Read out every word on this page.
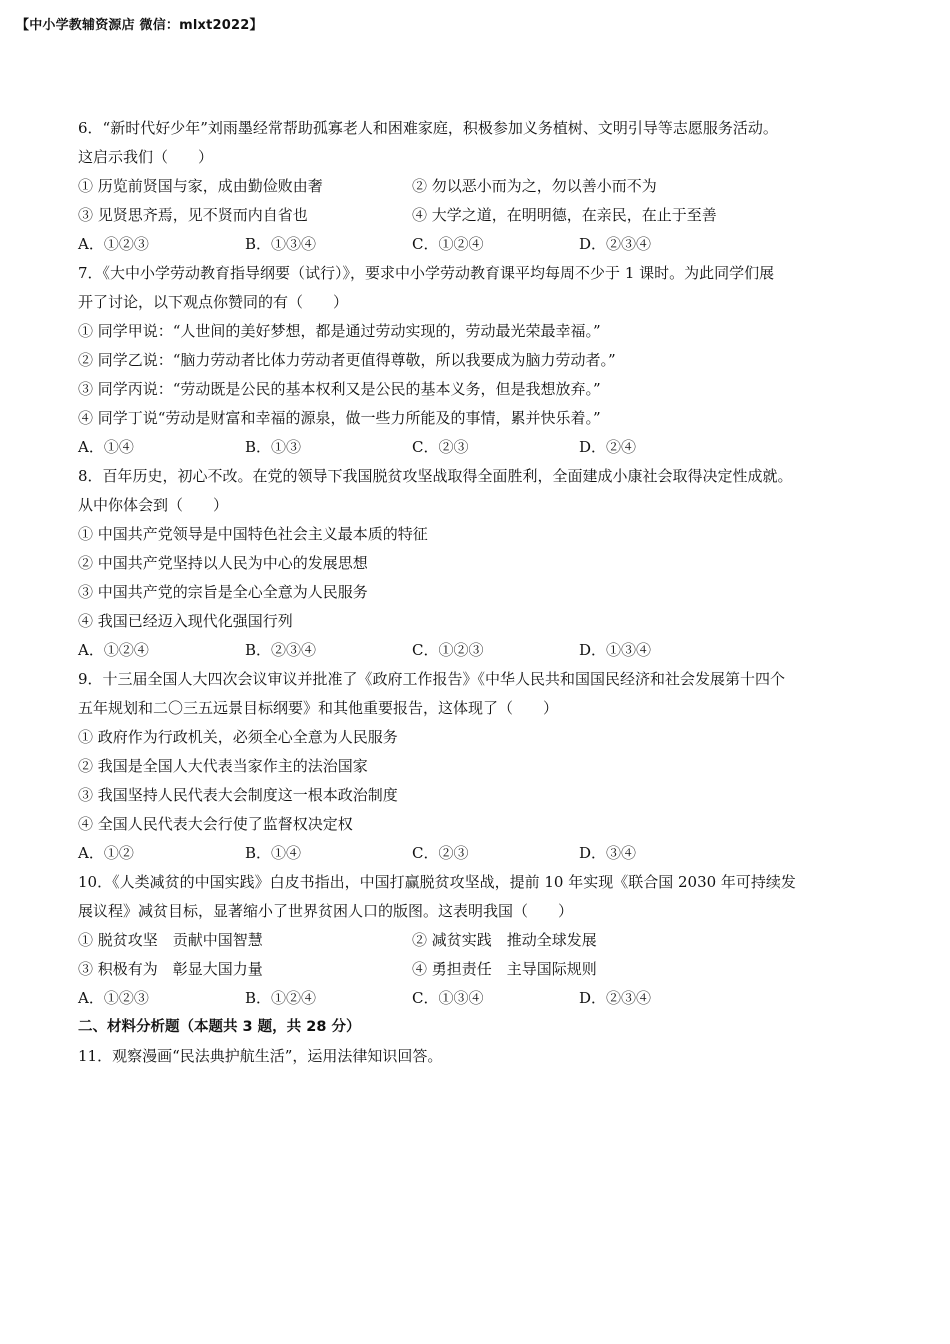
【中小学教辅资源店 微信：mlxt2022】
6．“新时代好少年”刘雨墨经常帮助孤寡老人和困难家庭，积极参加义务植树、文明引导等志愿服务活动。
这启示我们（　　）
① 历览前贤国与家，成由勤俭败由奢	② 勿以恶小而为之，勿以善小而不为
③ 见贤思齐焉，见不贤而内自省也	④ 大学之道，在明明德，在亲民，在止于至善
A．①②③	B．①③④	C．①②④	D．②③④
7．《大中小学劳动教育指导纲要（试行）》，要求中小学劳动教育课平均每周不少于 1 课时。为此同学们展
开了讨论，以下观点你赞同的有（　　）
① 同学甲说：“人世间的美好梦想，都是通过劳动实现的，劳动最光荣最幸福。”
② 同学乙说：“脑力劳动者比体力劳动者更值得尊敬，所以我要成为脑力劳动者。”
③ 同学丙说：“劳动既是公民的基本权利又是公民的基本义务，但是我想放弃。”
④ 同学丁说“劳动是财富和幸福的源泉，做一些力所能及的事情，累并快乐着。”
A．①④	B．①③	C．②③	D．②④
8．百年历史，初心不改。在党的领导下我国脱贫攻坚战取得全面胜利，全面建成小康社会取得决定性成就。
从中你体会到（　　）
① 中国共产党领导是中国特色社会主义最本质的特征
② 中国共产党坚持以人民为中心的发展思想
③ 中国共产党的宗旨是全心全意为人民服务
④ 我国已经迈入现代化强国行列
A．①②④	B．②③④	C．①②③	D．①③④
9．十三届全国人大四次会议审议并批准了《政府工作报告》《中华人民共和国国民经济和社会发展第十四个
五年规划和二〇三五远景目标纲要》和其他重要报告，这体现了（　　）
① 政府作为行政机关，必须全心全意为人民服务
② 我国是全国人大代表当家作主的法治国家
③ 我国坚持人民代表大会制度这一根本政治制度
④ 全国人民代表大会行使了监督权决定权
A．①②	B．①④	C．②③	D．③④
10．《人类减贫的中国实践》白皮书指出，中国打赢脱贫攻坚战，提前 10 年实现《联合国 2030 年可持续发
展议程》减贫目标，显著缩小了世界贫困人口的版图。这表明我国（　　）
① 脱贫攻坚　贡献中国智慧	② 减贫实践　推动全球发展
③ 积极有为　彰显大国力量	④ 勇担责任　主导国际规则
A．①②③	B．①②④	C．①③④	D．②③④
二、材料分析题（本题共 3 题，共 28 分）
11．观察漫画“民法典护航生活”，运用法律知识回答。
